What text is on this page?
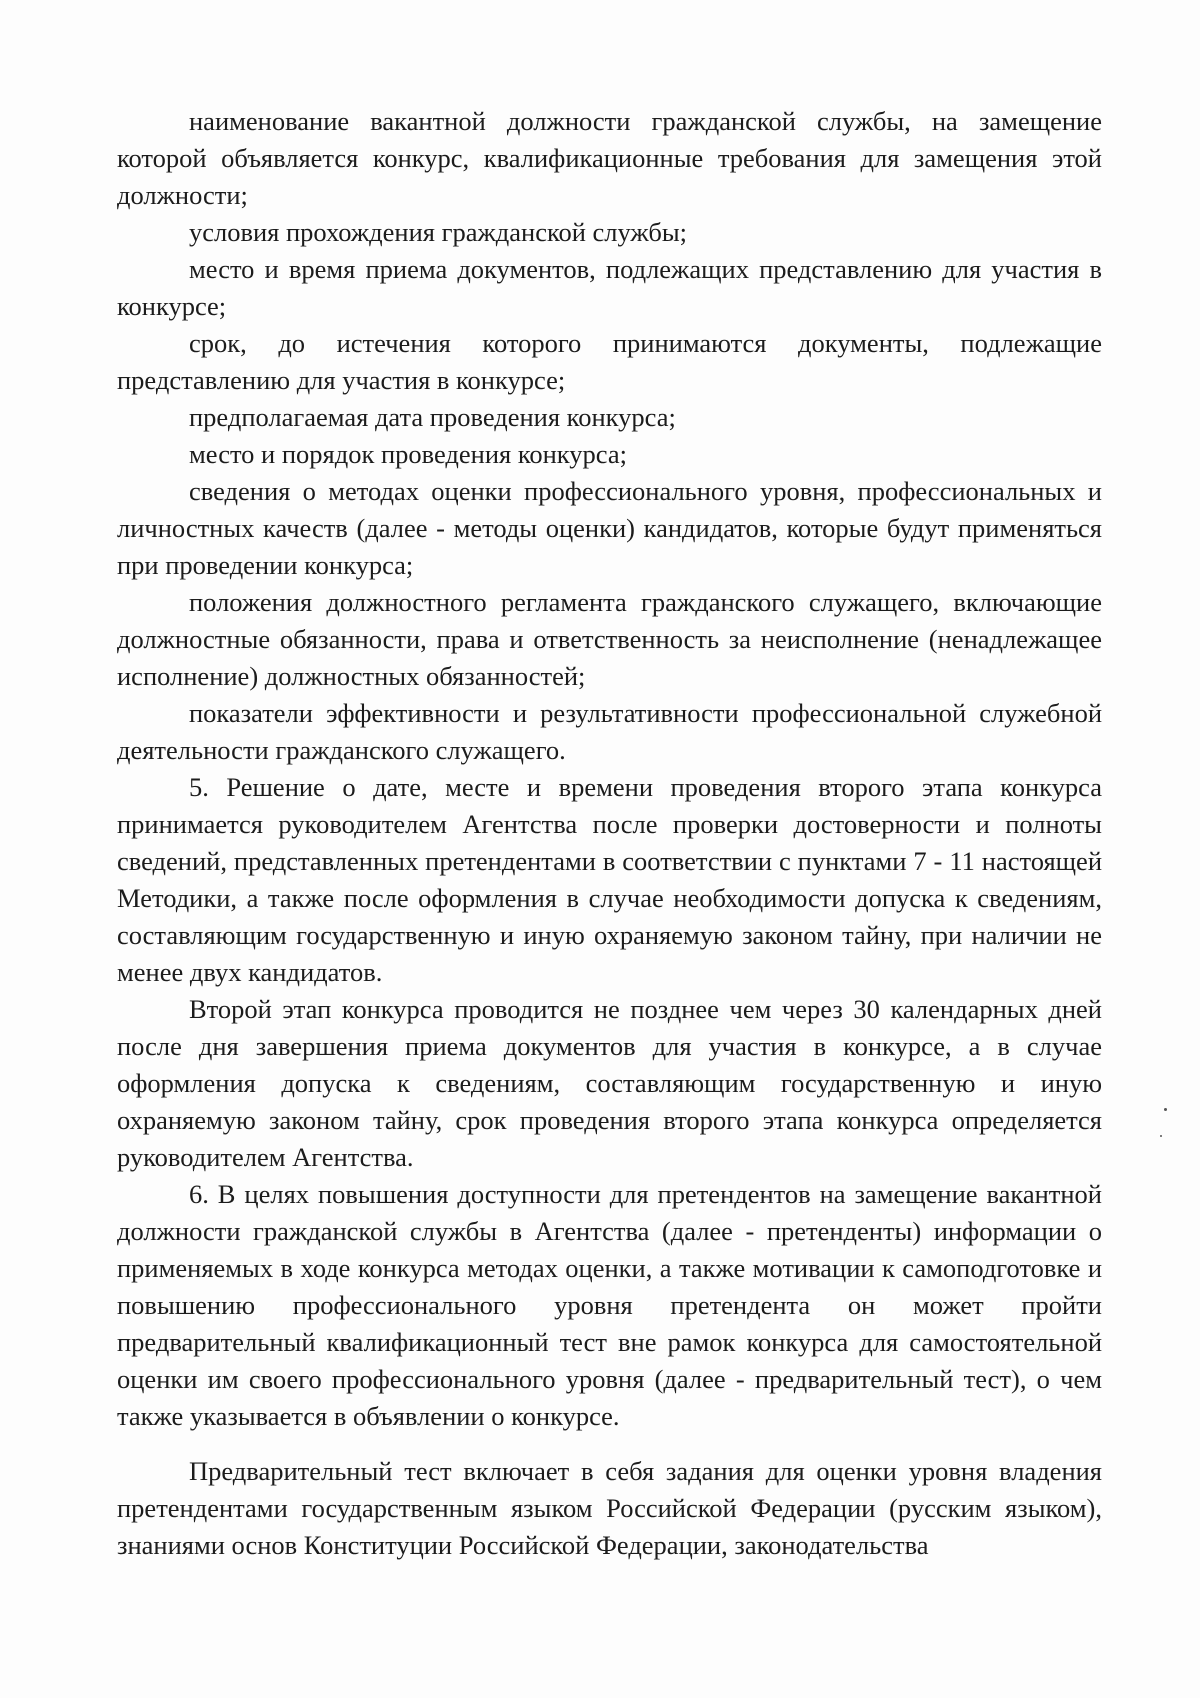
наименование вакантной должности гражданской службы, на замещение которой объявляется конкурс, квалификационные требования для замещения этой должности;

условия прохождения гражданской службы;

место и время приема документов, подлежащих представлению для участия в конкурсе;

срок, до истечения которого принимаются документы, подлежащие представлению для участия в конкурсе;

предполагаемая дата проведения конкурса;

место и порядок проведения конкурса;

сведения о методах оценки профессионального уровня, профессиональных и личностных качеств (далее - методы оценки) кандидатов, которые будут применяться при проведении конкурса;

положения должностного регламента гражданского служащего, включающие должностные обязанности, права и ответственность за неисполнение (ненадлежащее исполнение) должностных обязанностей;

показатели эффективности и результативности профессиональной служебной деятельности гражданского служащего.

5. Решение о дате, месте и времени проведения второго этапа конкурса принимается руководителем Агентства после проверки достоверности и полноты сведений, представленных претендентами в соответствии с пунктами 7 - 11 настоящей Методики, а также после оформления в случае необходимости допуска к сведениям, составляющим государственную и иную охраняемую законом тайну, при наличии не менее двух кандидатов.

Второй этап конкурса проводится не позднее чем через 30 календарных дней после дня завершения приема документов для участия в конкурсе, а в случае оформления допуска к сведениям, составляющим государственную и иную охраняемую законом тайну, срок проведения второго этапа конкурса определяется руководителем Агентства.

6. В целях повышения доступности для претендентов на замещение вакантной должности гражданской службы в Агентства (далее - претенденты) информации о применяемых в ходе конкурса методах оценки, а также мотивации к самоподготовке и повышению профессионального уровня претендента он может пройти предварительный квалификационный тест вне рамок конкурса для самостоятельной оценки им своего профессионального уровня (далее - предварительный тест), о чем также указывается в объявлении о конкурсе.

Предварительный тест включает в себя задания для оценки уровня владения претендентами государственным языком Российской Федерации (русским языком), знаниями основ Конституции Российской Федерации, законодательства
